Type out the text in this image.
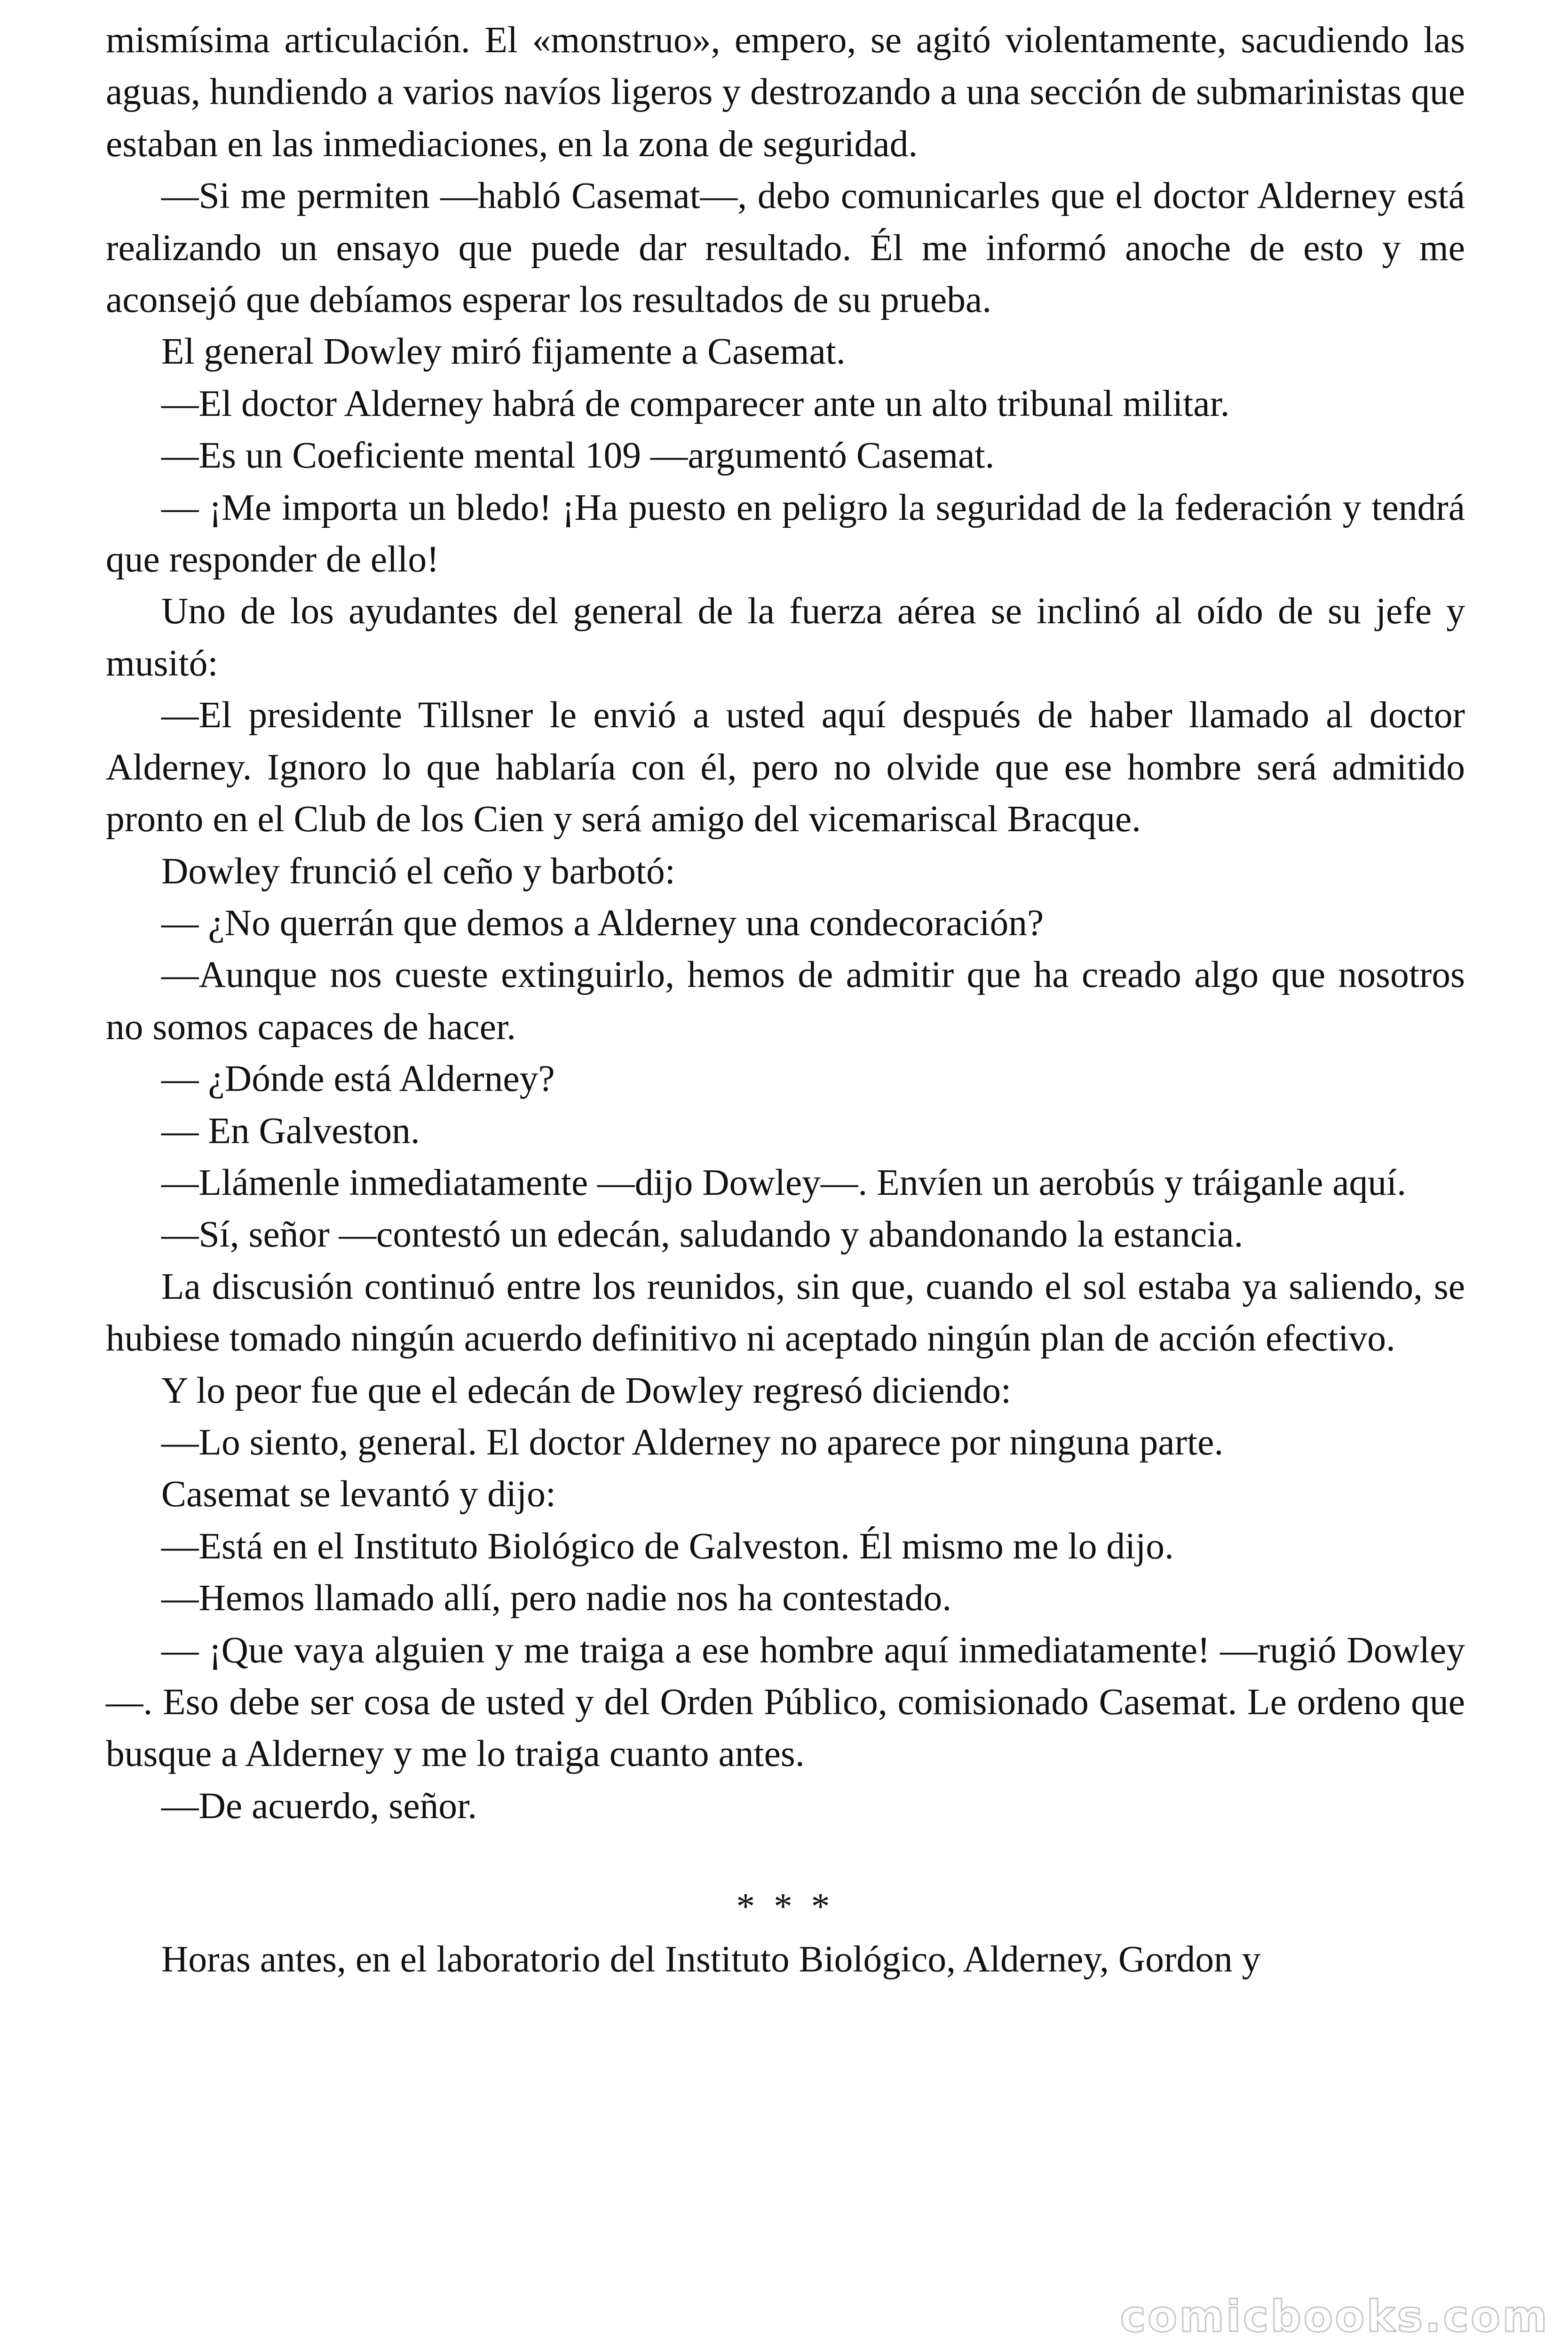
mismísima articulación. El «monstruo», empero, se agitó violentamente, sacudiendo las aguas, hundiendo a varios navíos ligeros y destrozando a una sección de submarinistas que estaban en las inmediaciones, en la zona de seguridad.

—Si me permiten —habló Casemat—, debo comunicarles que el doctor Alderney está realizando un ensayo que puede dar resultado. Él me informó anoche de esto y me aconsejó que debíamos esperar los resultados de su prueba.

El general Dowley miró fijamente a Casemat.

—El doctor Alderney habrá de comparecer ante un alto tribunal militar.

—Es un Coeficiente mental 109 —argumentó Casemat.

— ¡Me importa un bledo! ¡Ha puesto en peligro la seguridad de la federación y tendrá que responder de ello!

Uno de los ayudantes del general de la fuerza aérea se inclinó al oído de su jefe y musitó:

—El presidente Tillsner le envió a usted aquí después de haber llamado al doctor Alderney. Ignoro lo que hablaría con él, pero no olvide que ese hombre será admitido pronto en el Club de los Cien y será amigo del vicemariscal Bracque.

Dowley frunció el ceño y barbotó:

— ¿No querrán que demos a Alderney una condecoración?

—Aunque nos cueste extinguirlo, hemos de admitir que ha creado algo que nosotros no somos capaces de hacer.

— ¿Dónde está Alderney?

— En Galveston.

—Llámenle inmediatamente —dijo Dowley—. Envíen un aerobús y tráiganle aquí.

—Sí, señor —contestó un edecán, saludando y abandonando la estancia.

La discusión continuó entre los reunidos, sin que, cuando el sol estaba ya saliendo, se hubiese tomado ningún acuerdo definitivo ni aceptado ningún plan de acción efectivo.

Y lo peor fue que el edecán de Dowley regresó diciendo:

—Lo siento, general. El doctor Alderney no aparece por ninguna parte.

Casemat se levantó y dijo:

—Está en el Instituto Biológico de Galveston. Él mismo me lo dijo.

—Hemos llamado allí, pero nadie nos ha contestado.

— ¡Que vaya alguien y me traiga a ese hombre aquí inmediatamente! —rugió Dowley—. Eso debe ser cosa de usted y del Orden Público, comisionado Casemat. Le ordeno que busque a Alderney y me lo traiga cuanto antes.

—De acuerdo, señor.

* * *

Horas antes, en el laboratorio del Instituto Biológico, Alderney, Gordon y

comicbooks.com
